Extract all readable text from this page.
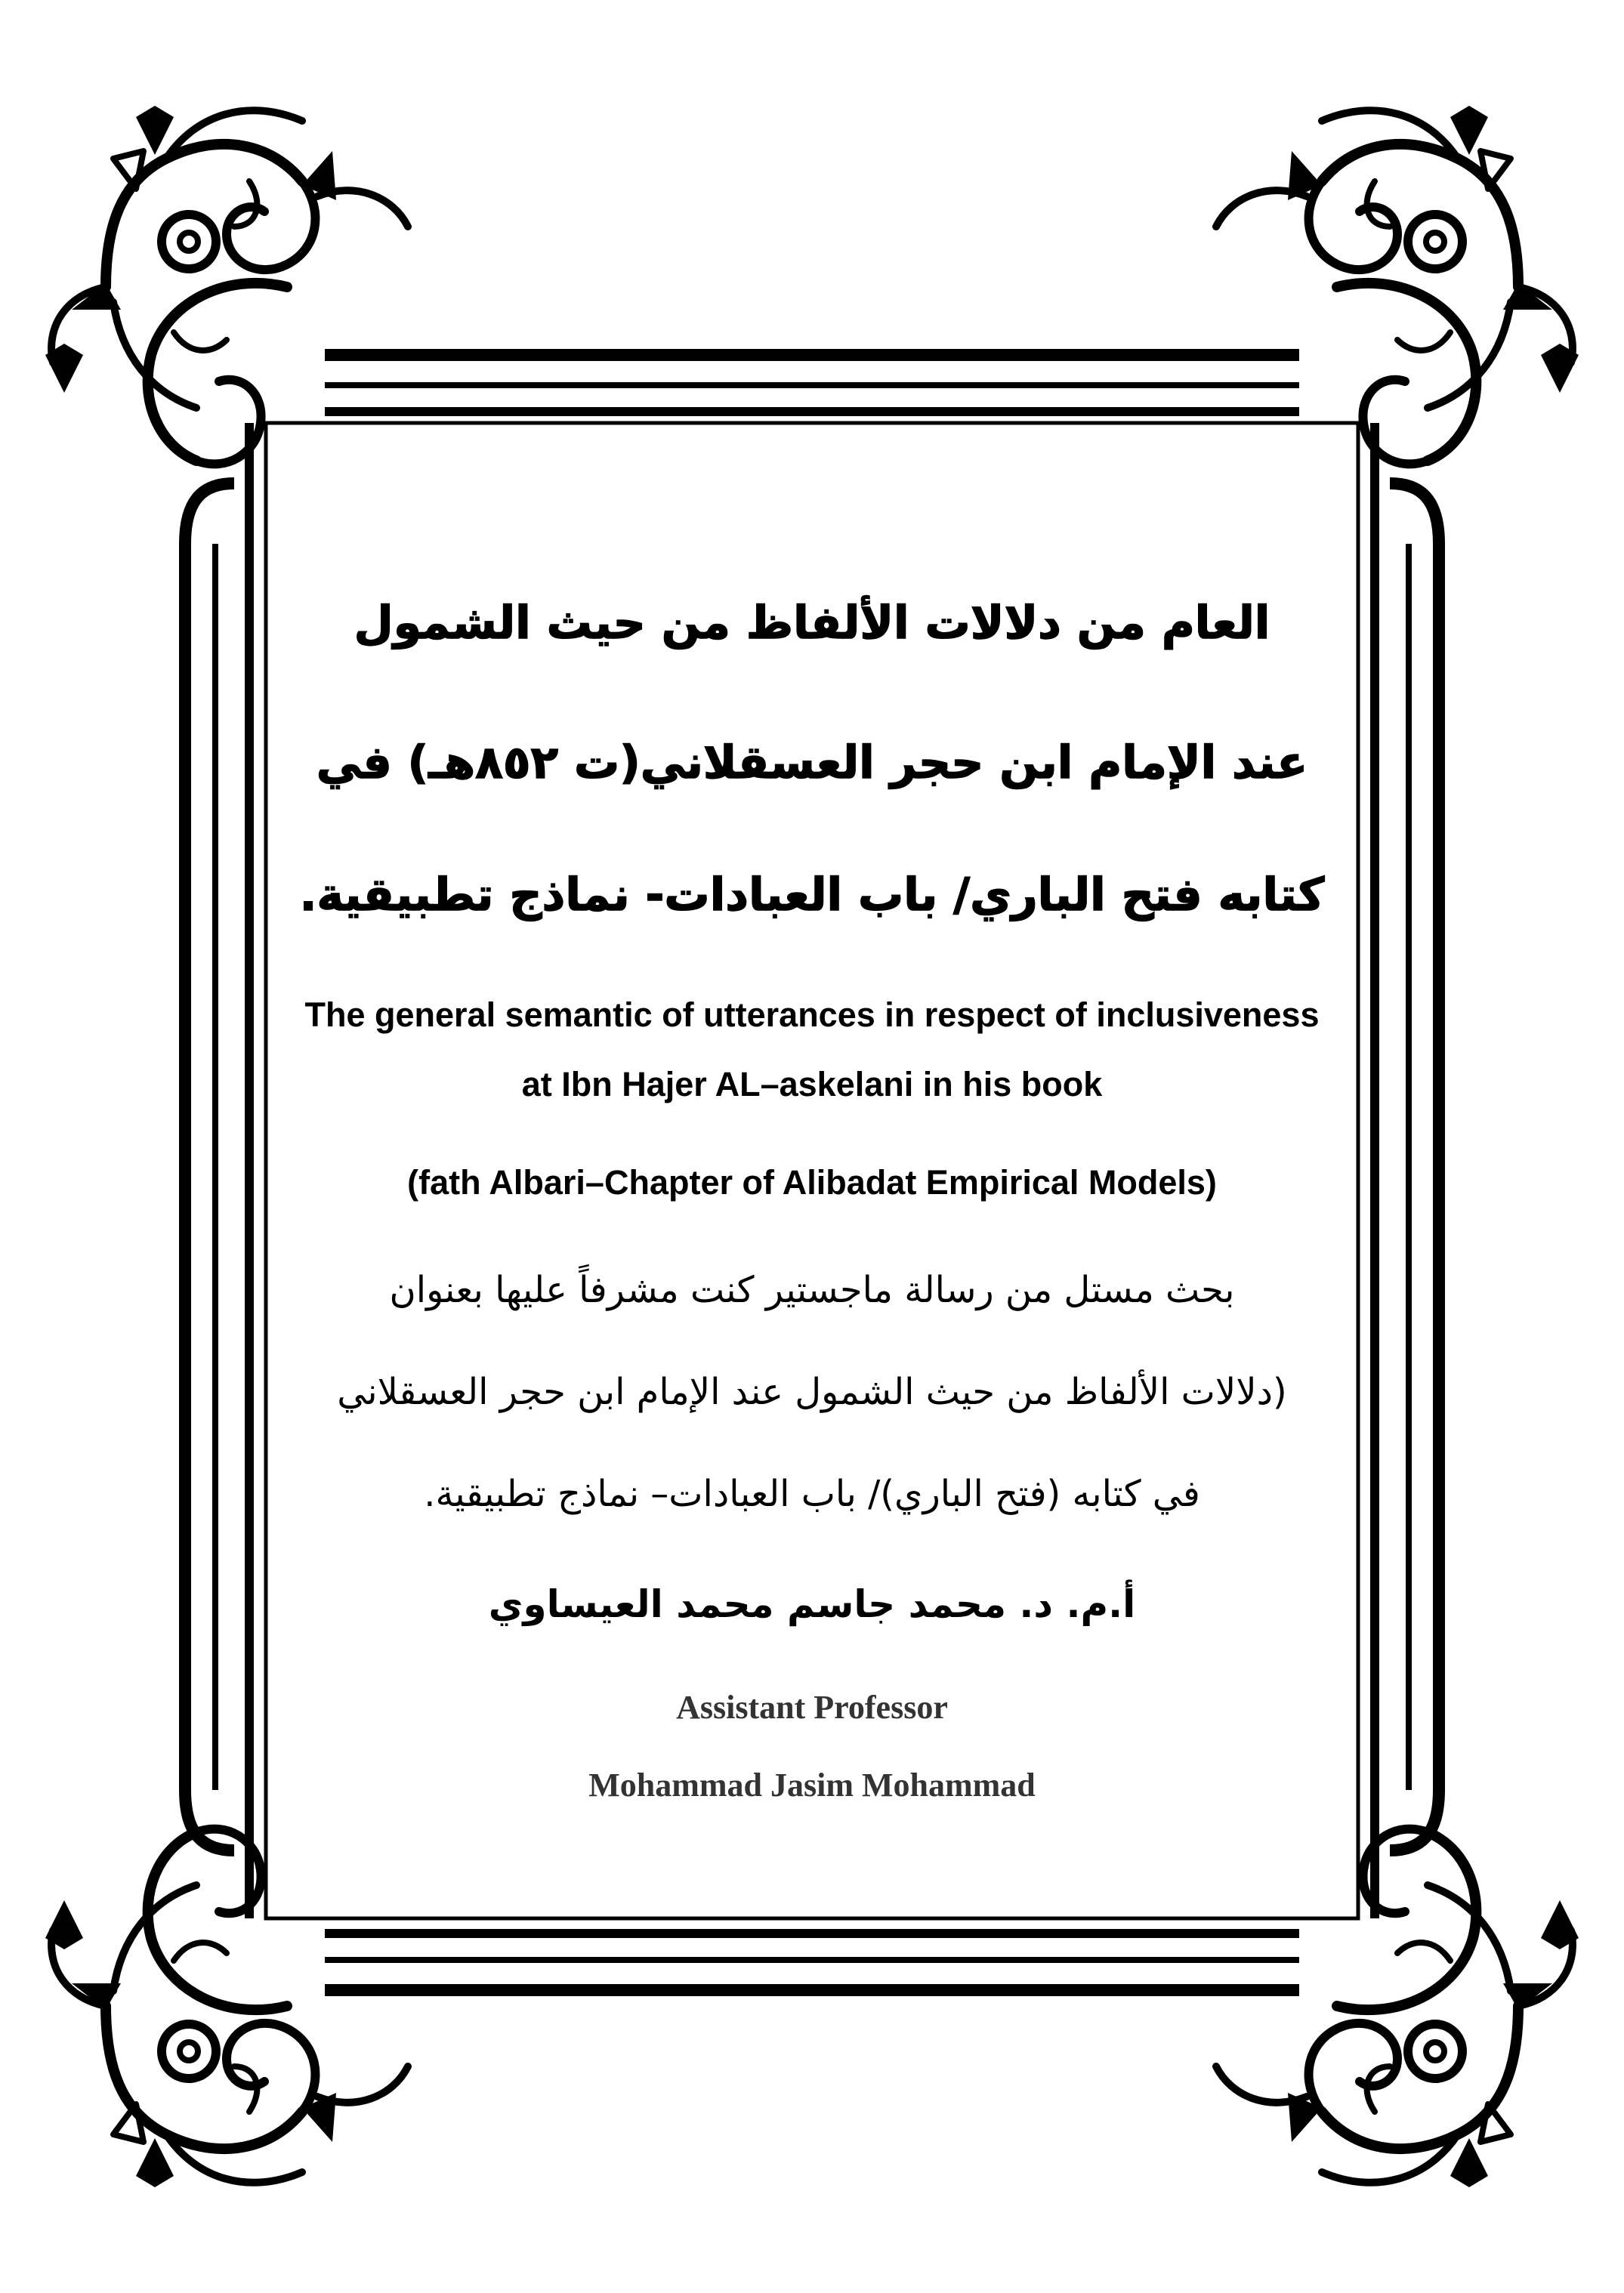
العام من دلالات الألفاظ من حيث الشمول
عند الإمام ابن حجر العسقلاني(ت ٨٥٢هـ) في
كتابه فتح الباري/ باب العبادات- نماذج تطبيقية.
The general semantic of utterances in respect of inclusiveness
at Ibn Hajer AL–askelani in his book
(fath Albari–Chapter of Alibadat Empirical Models)
بحث مستل من رسالة ماجستير كنت مشرفاً عليها بعنوان
(دلالات الألفاظ من حيث الشمول عند الإمام ابن حجر العسقلاني
في كتابه (فتح الباري)/ باب العبادات– نماذج تطبيقية.
أ.م. د. محمد جاسم محمد العيساوي
Assistant Professor
Mohammad Jasim Mohammad
